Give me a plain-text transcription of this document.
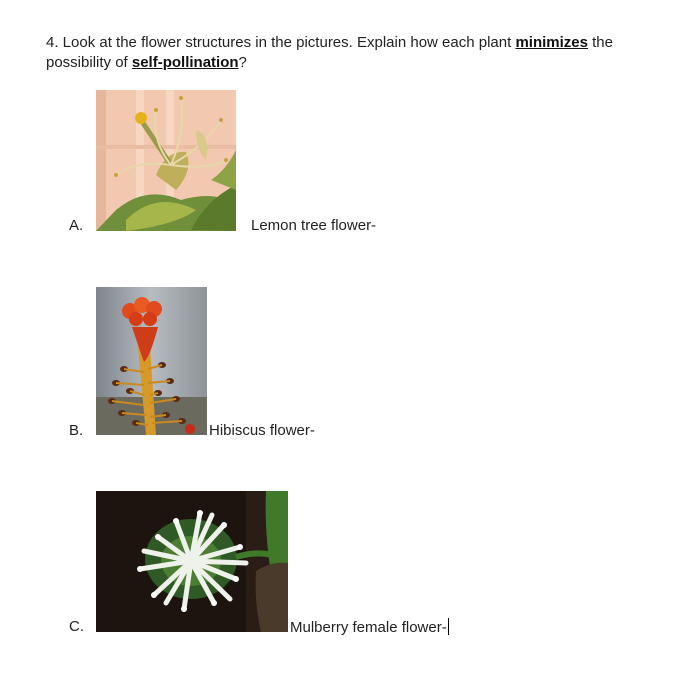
4. Look at the flower structures in the pictures. Explain how each plant minimizes the possibility of self-pollination?
A.	Lemon tree flower-
B.	Hibiscus flower-
C.	Mulberry female flower-
